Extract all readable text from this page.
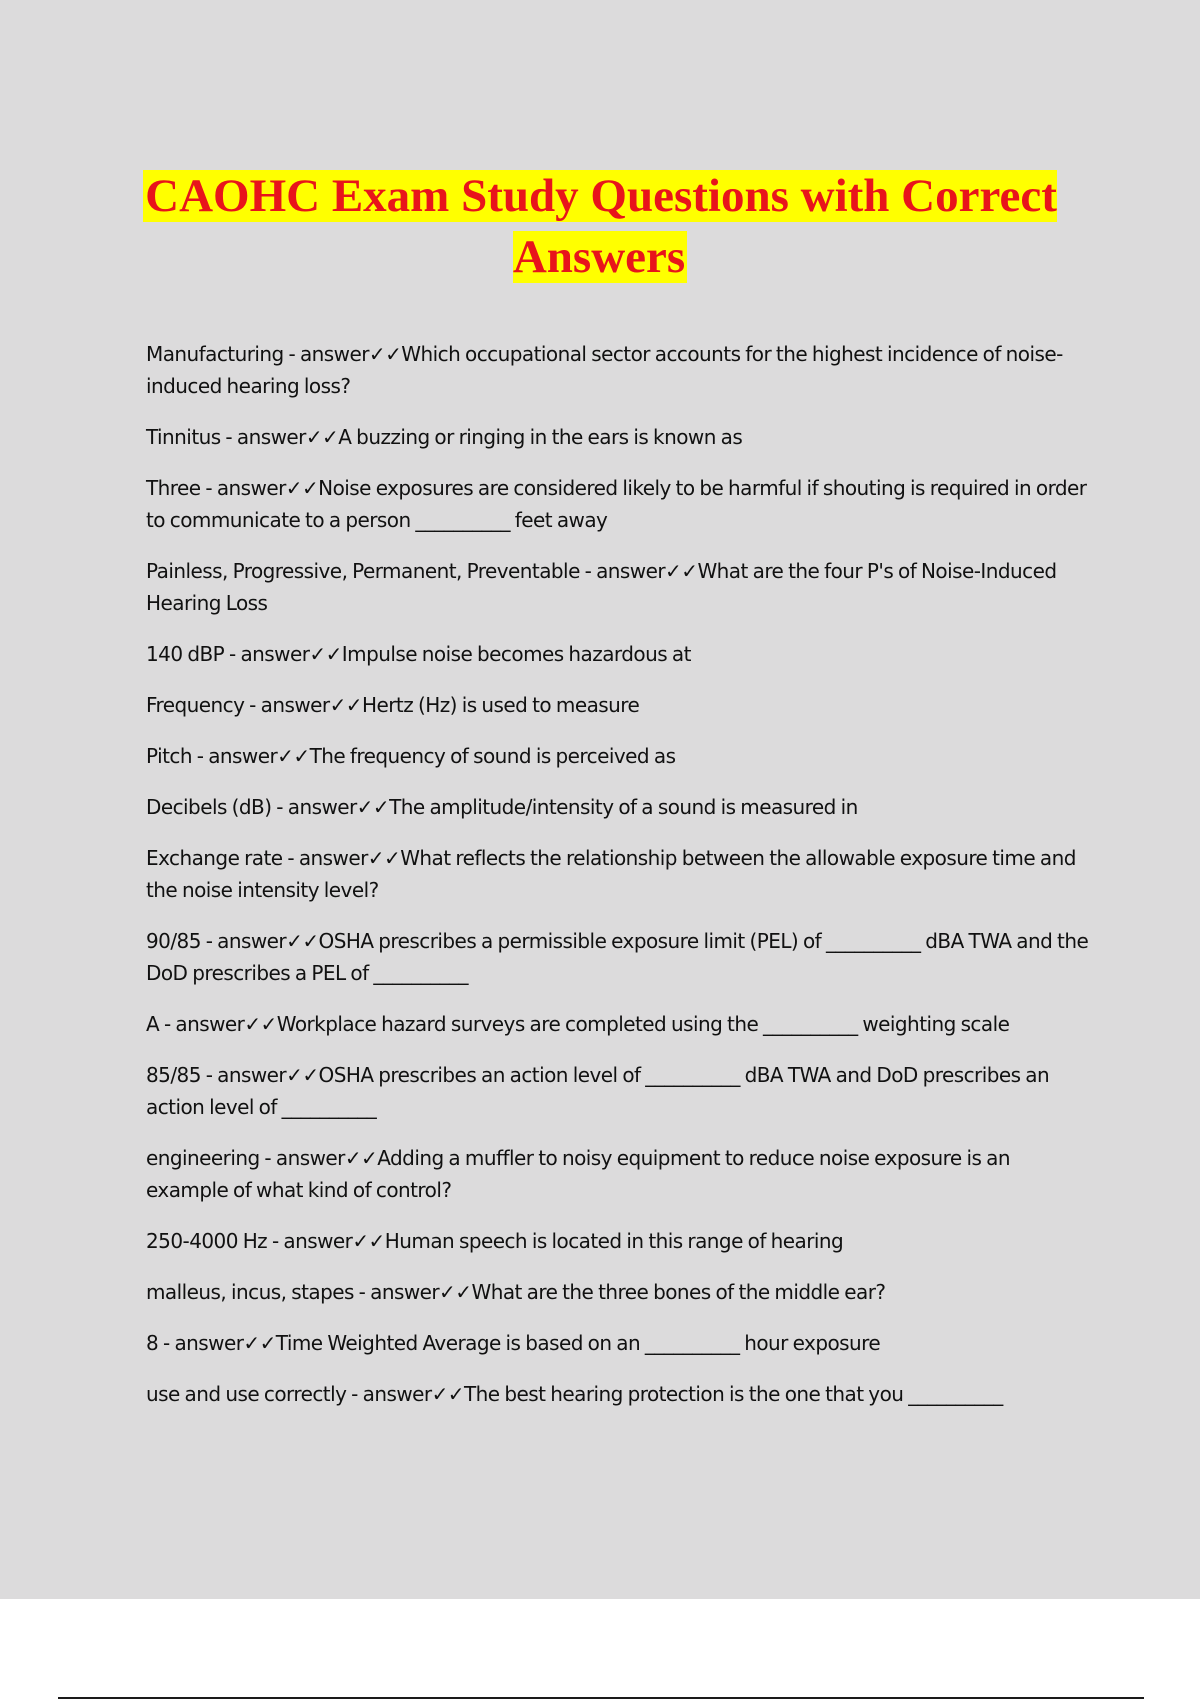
CAOHC Exam Study Questions with Correct Answers
Manufacturing - answer✓✓Which occupational sector accounts for the highest incidence of noise-induced hearing loss?
Tinnitus - answer✓✓A buzzing or ringing in the ears is known as
Three - answer✓✓Noise exposures are considered likely to be harmful if shouting is required in order to communicate to a person __________ feet away
Painless, Progressive, Permanent, Preventable - answer✓✓What are the four P's of Noise-Induced Hearing Loss
140 dBP - answer✓✓Impulse noise becomes hazardous at
Frequency - answer✓✓Hertz (Hz) is used to measure
Pitch - answer✓✓The frequency of sound is perceived as
Decibels (dB) - answer✓✓The amplitude/intensity of a sound is measured in
Exchange rate - answer✓✓What reflects the relationship between the allowable exposure time and the noise intensity level?
90/85 - answer✓✓OSHA prescribes a permissible exposure limit (PEL) of __________ dBA TWA and the DoD prescribes a PEL of __________
A - answer✓✓Workplace hazard surveys are completed using the __________ weighting scale
85/85 - answer✓✓OSHA prescribes an action level of __________ dBA TWA and DoD prescribes an action level of __________
engineering - answer✓✓Adding a muffler to noisy equipment to reduce noise exposure is an example of what kind of control?
250-4000 Hz - answer✓✓Human speech is located in this range of hearing
malleus, incus, stapes - answer✓✓What are the three bones of the middle ear?
8 - answer✓✓Time Weighted Average is based on an __________ hour exposure
use and use correctly - answer✓✓The best hearing protection is the one that you __________
